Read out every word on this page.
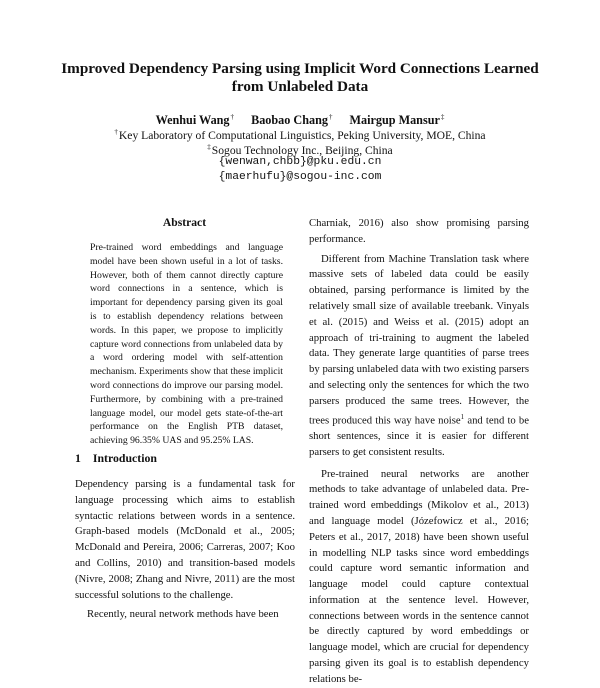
Improved Dependency Parsing using Implicit Word Connections Learned
from Unlabeled Data
Wenhui Wang† Baobao Chang† Mairgup Mansur‡
†Key Laboratory of Computational Linguistics, Peking University, MOE, China
‡Sogou Technology Inc., Beijing, China
{wenwan,chbb}@pku.edu.cn
{maerhufu}@sogou-inc.com
Abstract
Pre-trained word embeddings and language model have been shown useful in a lot of tasks. However, both of them cannot directly capture word connections in a sentence, which is important for dependency parsing given its goal is to establish dependency relations between words. In this paper, we propose to implicitly capture word connections from unlabeled data by a word ordering model with self-attention mechanism. Experiments show that these implicit word connections do improve our parsing model. Furthermore, by combining with a pre-trained language model, our model gets state-of-the-art performance on the English PTB dataset, achieving 96.35% UAS and 95.25% LAS.
1 Introduction

Dependency parsing is a fundamental task for language processing which aims to establish syntactic relations between words in a sentence. Graph-based models (McDonald et al., 2005; McDonald and Pereira, 2006; Carreras, 2007; Koo and Collins, 2010) and transition-based models (Nivre, 2008; Zhang and Nivre, 2011) are the most successful solutions to the challenge.

Recently, neural network methods have been

Charniak, 2016) also show promising parsing performance.

Different from Machine Translation task where massive sets of labeled data could be easily obtained, parsing performance is limited by the relatively small size of available treebank. Vinyals et al. (2015) and Weiss et al. (2015) adopt an approach of tri-training to augment the labeled data. They generate large quantities of parse trees by parsing unlabeled data with two existing parsers and selecting only the sentences for which the two parsers produced the same trees. However, the trees produced this way have noise$^1$ and tend to be short sentences, since it is easier for different parsers to get consistent results.

Pre-trained neural networks are another methods to take advantage of unlabeled data. Pre-trained word embeddings (Mikolov et al., 2013) and language model (Józefowicz et al., 2016; Peters et al., 2017, 2018) have been shown useful in modelling NLP tasks since word embeddings could capture word semantic information and language model could capture contextual information at the sentence level. However, connections between words in the sentence cannot be directly captured by word embeddings or language model, which are crucial for dependency parsing given its goal is to establish dependency relations be-
